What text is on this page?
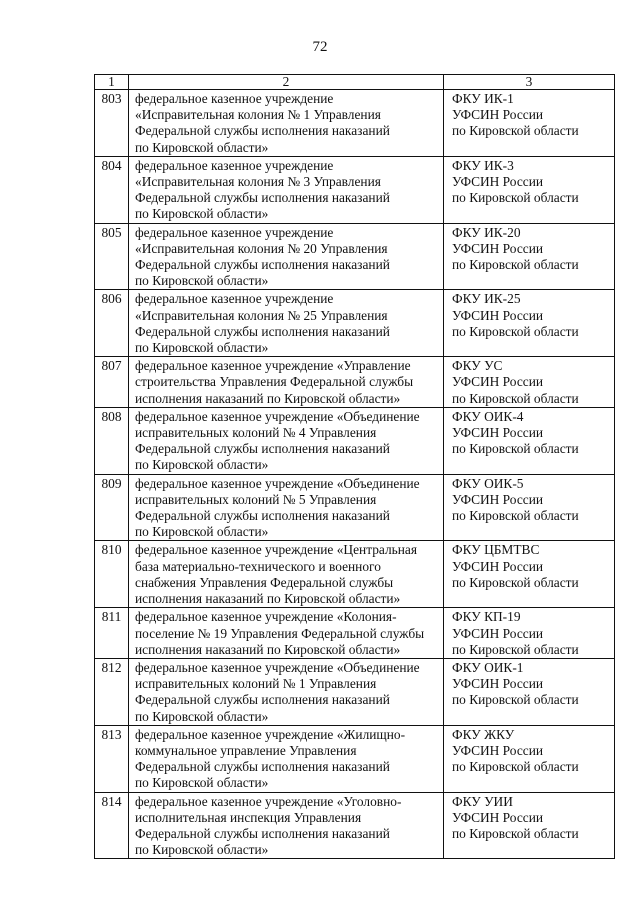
72
1	2	3
803	федеральное казенное учреждение
«Исправительная колония № 1 Управления
Федеральной службы исполнения наказаний
по Кировской области»	ФКУ ИК-1
УФСИН России
по Кировской области

804	федеральное казенное учреждение
«Исправительная колония № 3 Управления
Федеральной службы исполнения наказаний
по Кировской области»	ФКУ ИК-3
УФСИН России
по Кировской области

805	федеральное казенное учреждение
«Исправительная колония № 20 Управления
Федеральной службы исполнения наказаний
по Кировской области»	ФКУ ИК-20
УФСИН России
по Кировской области

806	федеральное казенное учреждение
«Исправительная колония № 25 Управления
Федеральной службы исполнения наказаний
по Кировской области»	ФКУ ИК-25
УФСИН России
по Кировской области

807	федеральное казенное учреждение «Управление
строительства Управления Федеральной службы
исполнения наказаний по Кировской области»	ФКУ УС
УФСИН России
по Кировской области

808	федеральное казенное учреждение «Объединение
исправительных колоний № 4 Управления
Федеральной службы исполнения наказаний
по Кировской области»	ФКУ ОИК-4
УФСИН России
по Кировской области

809	федеральное казенное учреждение «Объединение
исправительных колоний № 5 Управления
Федеральной службы исполнения наказаний
по Кировской области»	ФКУ ОИК-5
УФСИН России
по Кировской области

810	федеральное казенное учреждение «Центральная
база материально-технического и военного
снабжения Управления Федеральной службы
исполнения наказаний по Кировской области»	ФКУ ЦБМТВС
УФСИН России
по Кировской области

811	федеральное казенное учреждение «Колония-
поселение № 19 Управления Федеральной службы
исполнения наказаний по Кировской области»	ФКУ КП-19
УФСИН России
по Кировской области

812	федеральное казенное учреждение «Объединение
исправительных колоний № 1 Управления
Федеральной службы исполнения наказаний
по Кировской области»	ФКУ ОИК-1
УФСИН России
по Кировской области

813	федеральное казенное учреждение «Жилищно-
коммунальное управление Управления
Федеральной службы исполнения наказаний
по Кировской области»	ФКУ ЖКУ
УФСИН России
по Кировской области

814	федеральное казенное учреждение «Уголовно-
исполнительная инспекция Управления
Федеральной службы исполнения наказаний
по Кировской области»	ФКУ УИИ
УФСИН России
по Кировской области
